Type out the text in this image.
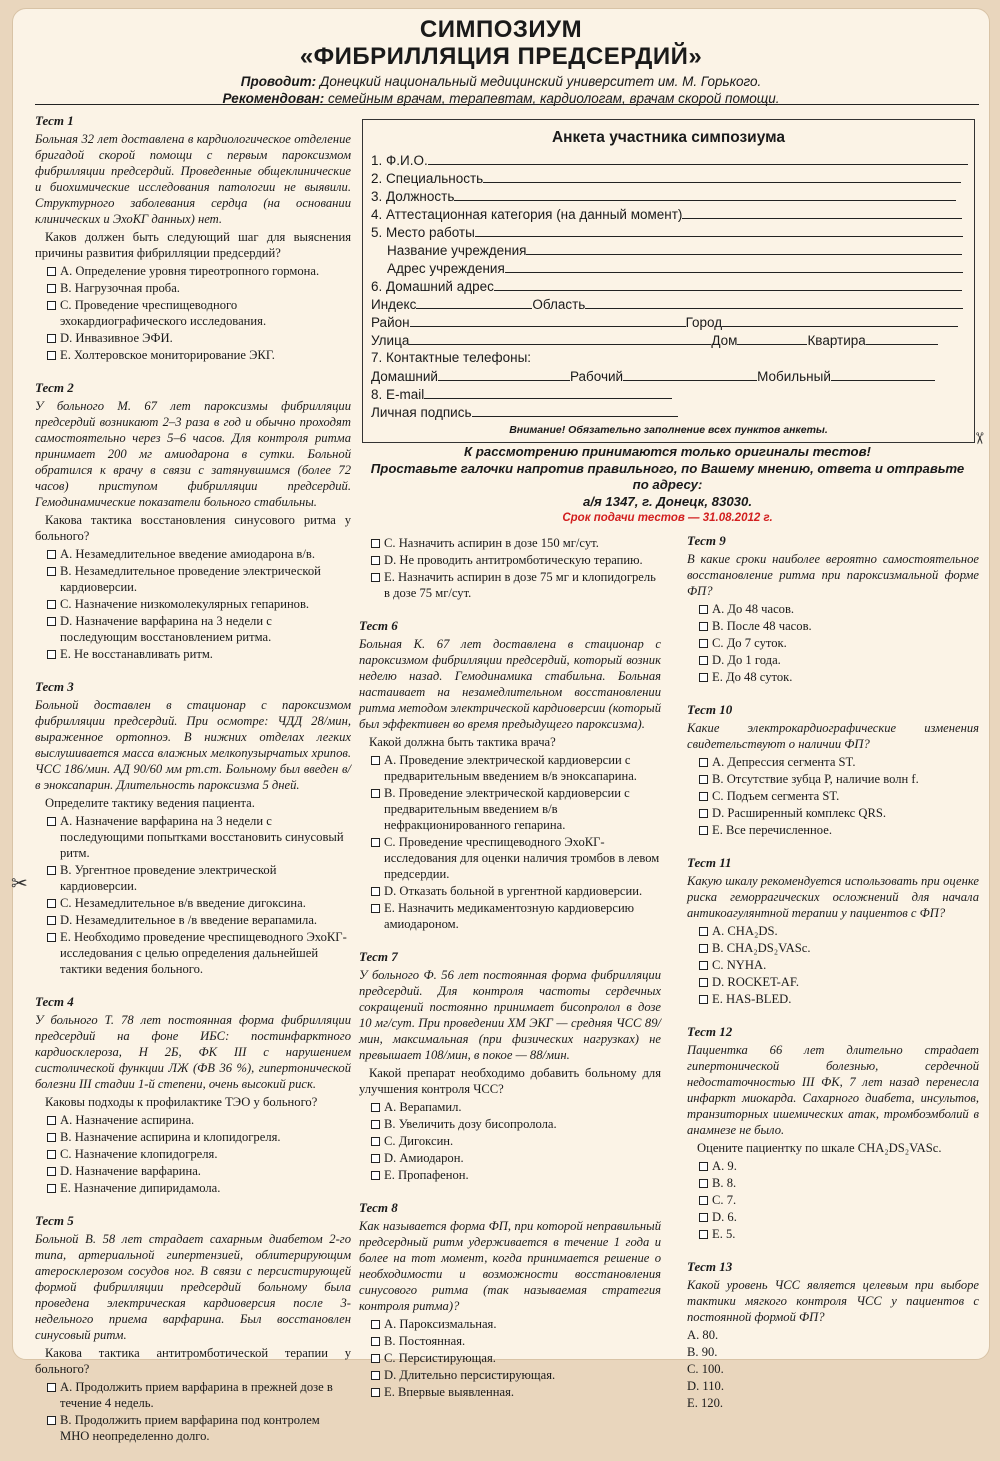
СИМПОЗИУМ
«ФИБРИЛЛЯЦИЯ ПРЕДСЕРДИЙ»
Проводит: Донецкий национальный медицинский университет им. М. Горького.
Рекомендован: семейным врачам, терапевтам, кардиологам, врачам скорой помощи.
Тест 1
Больная 32 лет доставлена в кардиологическое отделение бригадой скорой помощи с первым пароксизмом фибрилляции предсердий. Проведенные общеклинические и биохимические исследования патологии не выявили. Структурного заболевания сердца (на основании клинических и ЭхоКГ данных) нет.
Каков должен быть следующий шаг для выяснения причины развития фибрилляции предсердий?
A. Определение уровня тиреотропного гормона.
B. Нагрузочная проба.
C. Проведение чреспищеводного эхокардиографического исследования.
D. Инвазивное ЭФИ.
E. Холтеровское мониторирование ЭКГ.
Тест 2
У больного М. 67 лет пароксизмы фибрилляции предсердий возникают 2–3 раза в год и обычно проходят самостоятельно через 5–6 часов. Для контроля ритма принимает 200 мг амиодарона в сутки. Больной обратился к врачу в связи с затянувшимся (более 72 часов) приступом фибрилляции предсердий. Гемодинамические показатели больного стабильны.
Какова тактика восстановления синусового ритма у больного?
A. Незамедлительное введение амиодарона в/в.
B. Незамедлительное проведение электрической кардиоверсии.
C. Назначение низкомолекулярных гепаринов.
D. Назначение варфарина на 3 недели с последующим восстановлением ритма.
E. Не восстанавливать ритм.
Тест 3
Больной доставлен в стационар с пароксизмом фибрилляции предсердий. При осмотре: ЧДД 28/мин, выраженное ортопноэ. В нижних отделах легких выслушивается масса влажных мелкопузырчатых хрипов. ЧСС 186/мин. АД 90/60 мм рт.ст. Больному был введен в/в эноксапарин. Длительность пароксизма 5 дней.
Определите тактику ведения пациента.
A. Назначение варфарина на 3 недели с последующими попытками восстановить синусовый ритм.
B. Ургентное проведение электрической кардиоверсии.
C. Незамедлительное в/в введение дигоксина.
D. Незамедлительное в /в введение верапамила.
E. Необходимо проведение чреспищеводного ЭхоКГ-исследования с целью определения дальнейшей тактики ведения больного.
Тест 4
У больного Т. 78 лет постоянная форма фибрилляции предсердий на фоне ИБС: постинфарктного кардиосклероза, Н 2Б, ФК III с нарушением систолической функции ЛЖ (ФВ 36 %), гипертонической болезни III стадии 1-й степени, очень высокий риск.
Каковы подходы к профилактике ТЭО у больного?
A. Назначение аспирина.
B. Назначение аспирина и клопидогреля.
C. Назначение клопидогреля.
D. Назначение варфарина.
E. Назначение дипиридамола.
Тест 5
Больной В. 58 лет страдает сахарным диабетом 2-го типа, артериальной гипертензией, облитерирующим атеросклерозом сосудов ног. В связи с персистирующей формой фибрилляции предсердий больному была проведена электрическая кардиоверсия после 3-недельного приема варфарина. Был восстановлен синусовый ритм.
Какова тактика антитромботической терапии у больного?
A. Продолжить прием варфарина в прежней дозе в течение 4 недель.
B. Продолжить прием варфарина под контролем МНО неопределенно долго.
Анкета участника симпозиума
1. Ф.И.О.
2. Специальность
3. Должность
4. Аттестационная категория (на данный момент)
5. Место работы
Название учреждения
Адрес учреждения
6. Домашний адрес
Индекс	Область
Район	Город
Улица	Дом	Квартира
7. Контактные телефоны:
Домашний	Рабочий	Мобильный
8. E-mail
Личная подпись
Внимание! Обязательно заполнение всех пунктов анкеты.
К рассмотрению принимаются только оригиналы тестов!
Проставьте галочки напротив правильного, по Вашему мнению, ответа и отправьте по адресу:
а/я 1347, г. Донецк, 83030.
Срок подачи тестов — 31.08.2012 г.
C. Назначить аспирин в дозе 150 мг/сут.
D. Не проводить антитромботическую терапию.
E. Назначить аспирин в дозе 75 мг и клопидогрель в дозе 75 мг/сут.
Тест 6
Больная К. 67 лет доставлена в стационар с пароксизмом фибрилляции предсердий, который возник неделю назад. Гемодинамика стабильна. Больная настаивает на незамедлительном восстановлении ритма методом электрической кардиоверсии (который был эффективен во время предыдущего пароксизма).
Какой должна быть тактика врача?
A. Проведение электрической кардиоверсии с предварительным введением в/в эноксапарина.
B. Проведение электрической кардиоверсии с предварительным введением в/в нефракционированного гепарина.
C. Проведение чреспищеводного ЭхоКГ-исследования для оценки наличия тромбов в левом предсердии.
D. Отказать больной в ургентной кардиоверсии.
E. Назначить медикаментозную кардиоверсию амиодароном.
Тест 7
У больного Ф. 56 лет постоянная форма фибрилляции предсердий. Для контроля частоты сердечных сокращений постоянно принимает бисопролол в дозе 10 мг/сут. При проведении ХМ ЭКГ — средняя ЧСС 89/мин, максимальная (при физических нагрузках) не превышает 108/мин, в покое — 88/мин.
Какой препарат необходимо добавить больному для улучшения контроля ЧСС?
A. Верапамил.
B. Увеличить дозу бисопролола.
C. Дигоксин.
D. Амиодарон.
E. Пропафенон.
Тест 8
Как называется форма ФП, при которой неправильный предсердный ритм удерживается в течение 1 года и более на тот момент, когда принимается решение о необходимости и возможности восстановления синусового ритма (так называемая стратегия контроля ритма)?
A. Пароксизмальная.
B. Постоянная.
C. Персистирующая.
D. Длительно персистирующая.
E. Впервые выявленная.
Тест 9
В какие сроки наиболее вероятно самостоятельное восстановление ритма при пароксизмальной форме ФП?
A. До 48 часов.
B. После 48 часов.
C. До 7 суток.
D. До 1 года.
E. До 48 суток.
Тест 10
Какие электрокардиографические изменения свидетельствуют о наличии ФП?
A. Депрессия сегмента ST.
B. Отсутствие зубца P, наличие волн f.
C. Подъем сегмента ST.
D. Расширенный комплекс QRS.
E. Все перечисленное.
Тест 11
Какую шкалу рекомендуется использовать при оценке риска геморрагических осложнений для начала антикоагулянтной терапии у пациентов с ФП?
A. CHA₂DS.
B. CHA₂DS₂VASc.
C. NYHA.
D. ROCKET-AF.
E. HAS-BLED.
Тест 12
Пациентка 66 лет длительно страдает гипертонической болезнью, сердечной недостаточностью III ФК, 7 лет назад перенесла инфаркт миокарда. Сахарного диабета, инсультов, транзиторных ишемических атак, тромбоэмболий в анамнезе не было.
Оцените пациентку по шкале CHA₂DS₂VASc.
A. 9.
B. 8.
C. 7.
D. 6.
E. 5.
Тест 13
Какой уровень ЧСС является целевым при выборе тактики мягкого контроля ЧСС у пациентов с постоянной формой ФП?
A. 80.
B. 90.
C. 100.
D. 110.
E. 120.
✂
✂
